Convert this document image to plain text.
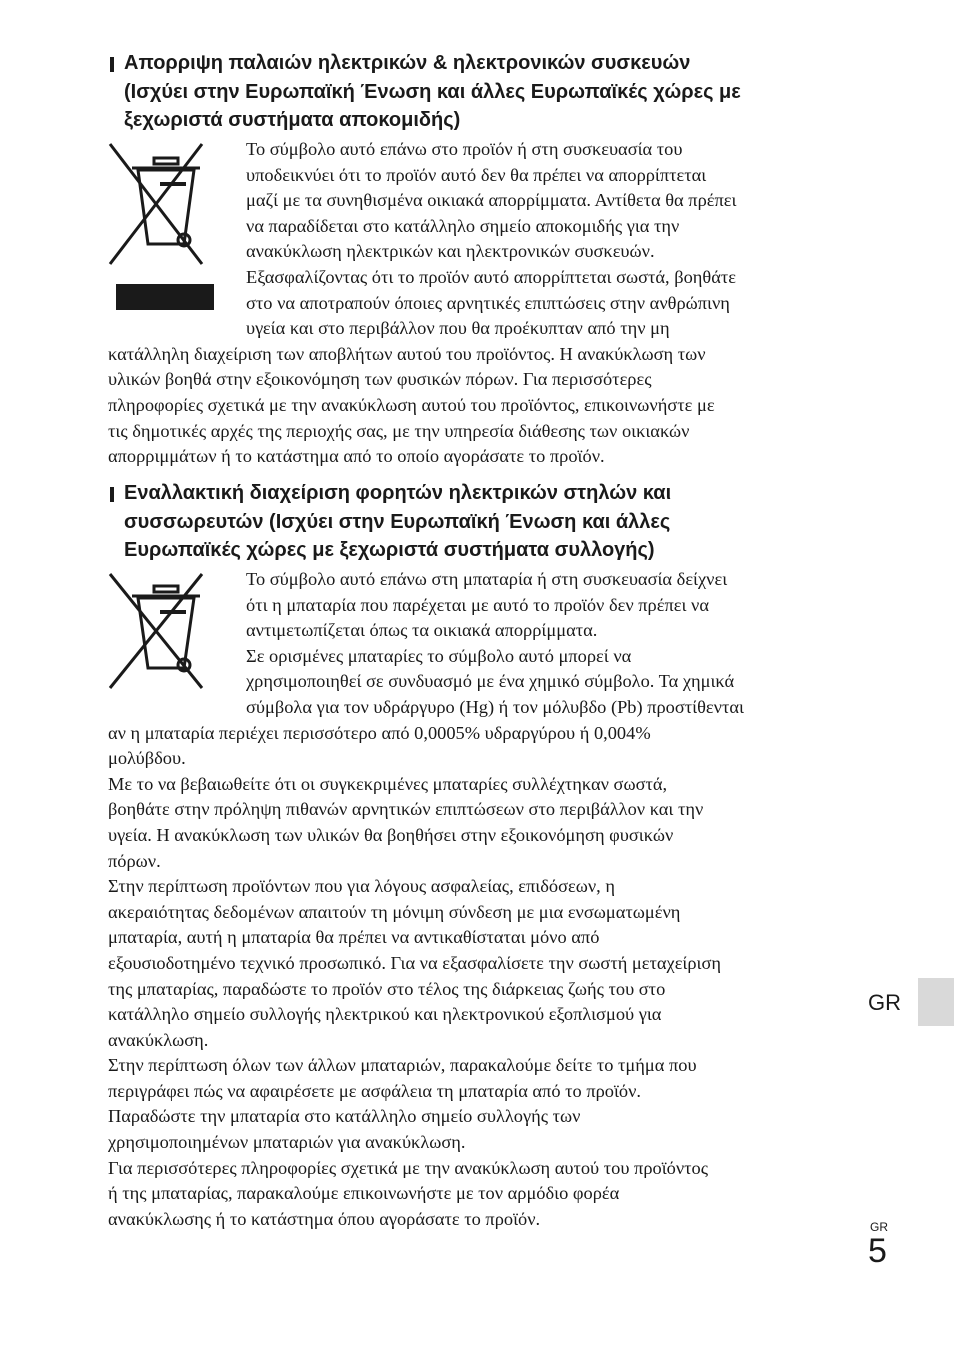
Απορριψη παλαιών ηλεκτρικών & ηλεκτρονικών συσκευών
(Ισχύει στην Ευρωπαϊκή Ένωση και άλλες Ευρωπαϊκές χώρες με
ξεχωριστά συστήματα αποκομιδής)
Το σύμβολο αυτό επάνω στο προϊόν ή στη συσκευασία του
υποδεικνύει ότι το προϊόν αυτό δεν θα πρέπει να απορρίπτεται
μαζί με τα συνηθισμένα οικιακά απορρίμματα. Αντίθετα θα πρέπει
να παραδίδεται στο κατάλληλο σημείο αποκομιδής για την
ανακύκλωση ηλεκτρικών και ηλεκτρονικών συσκευών.
Εξασφαλίζοντας ότι το προϊόν αυτό απορρίπτεται σωστά, βοηθάτε
στο να αποτραπούν όποιες αρνητικές επιπτώσεις στην ανθρώπινη
υγεία και στο περιβάλλον που θα προέκυπταν από την μη
κατάλληλη διαχείριση των αποβλήτων αυτού του προϊόντος. Η ανακύκλωση των
υλικών βοηθά στην εξοικονόμηση των φυσικών πόρων. Για περισσότερες
πληροφορίες σχετικά με την ανακύκλωση αυτού του προϊόντος, επικοινωνήστε με
τις δημοτικές αρχές της περιοχής σας, με την υπηρεσία διάθεσης των οικιακών
απορριμμάτων ή το κατάστημα από το οποίο αγοράσατε το προϊόν.
Εναλλακτική διαχείριση φορητών ηλεκτρικών στηλών και
συσσωρευτών (Ισχύει στην Ευρωπαϊκή Ένωση και άλλες
Ευρωπαϊκές χώρες με ξεχωριστά συστήματα συλλογής)
Το σύμβολο αυτό επάνω στη μπαταρία ή στη συσκευασία δείχνει
ότι η μπαταρία που παρέχεται με αυτό το προϊόν δεν πρέπει να
αντιμετωπίζεται όπως τα οικιακά απορρίμματα.
Σε ορισμένες μπαταρίες το σύμβολο αυτό μπορεί να
χρησιμοποιηθεί σε συνδυασμό με ένα χημικό σύμβολο. Τα χημικά
σύμβολα για τον υδράργυρο (Hg) ή τον μόλυβδο (Pb) προστίθενται
αν η μπαταρία περιέχει περισσότερο από 0,0005% υδραργύρου ή 0,004%
μολύβδου.
Με το να βεβαιωθείτε ότι οι συγκεκριμένες μπαταρίες συλλέχτηκαν σωστά,
βοηθάτε στην πρόληψη πιθανών αρνητικών επιπτώσεων στο περιβάλλον και την
υγεία. Η ανακύκλωση των υλικών θα βοηθήσει στην εξοικονόμηση φυσικών
πόρων.
Στην περίπτωση προϊόντων που για λόγους ασφαλείας, επιδόσεων, η
ακεραιότητας δεδομένων απαιτούν τη μόνιμη σύνδεση με μια ενσωματωμένη
μπαταρία, αυτή η μπαταρία θα πρέπει να αντικαθίσταται μόνο από
εξουσιοδοτημένο τεχνικό προσωπικό. Για να εξασφαλίσετε την σωστή μεταχείριση
της μπαταρίας, παραδώστε το προϊόν στο τέλος της διάρκειας ζωής του στο
κατάλληλο σημείο συλλογής ηλεκτρικού και ηλεκτρονικού εξοπλισμού για
ανακύκλωση.
Στην περίπτωση όλων των άλλων μπαταριών, παρακαλούμε δείτε το τμήμα που
περιγράφει πώς να αφαιρέσετε με ασφάλεια τη μπαταρία από το προϊόν.
Παραδώστε την μπαταρία στο κατάλληλο σημείο συλλογής των
χρησιμοποιημένων μπαταριών για ανακύκλωση.
Για περισσότερες πληροφορίες σχετικά με την ανακύκλωση αυτού του προϊόντος
ή της μπαταρίας, παρακαλούμε επικοινωνήστε με τον αρμόδιο φορέα
ανακύκλωσης ή το κατάστημα όπου αγοράσατε το προϊόν.
GR
GR
5
